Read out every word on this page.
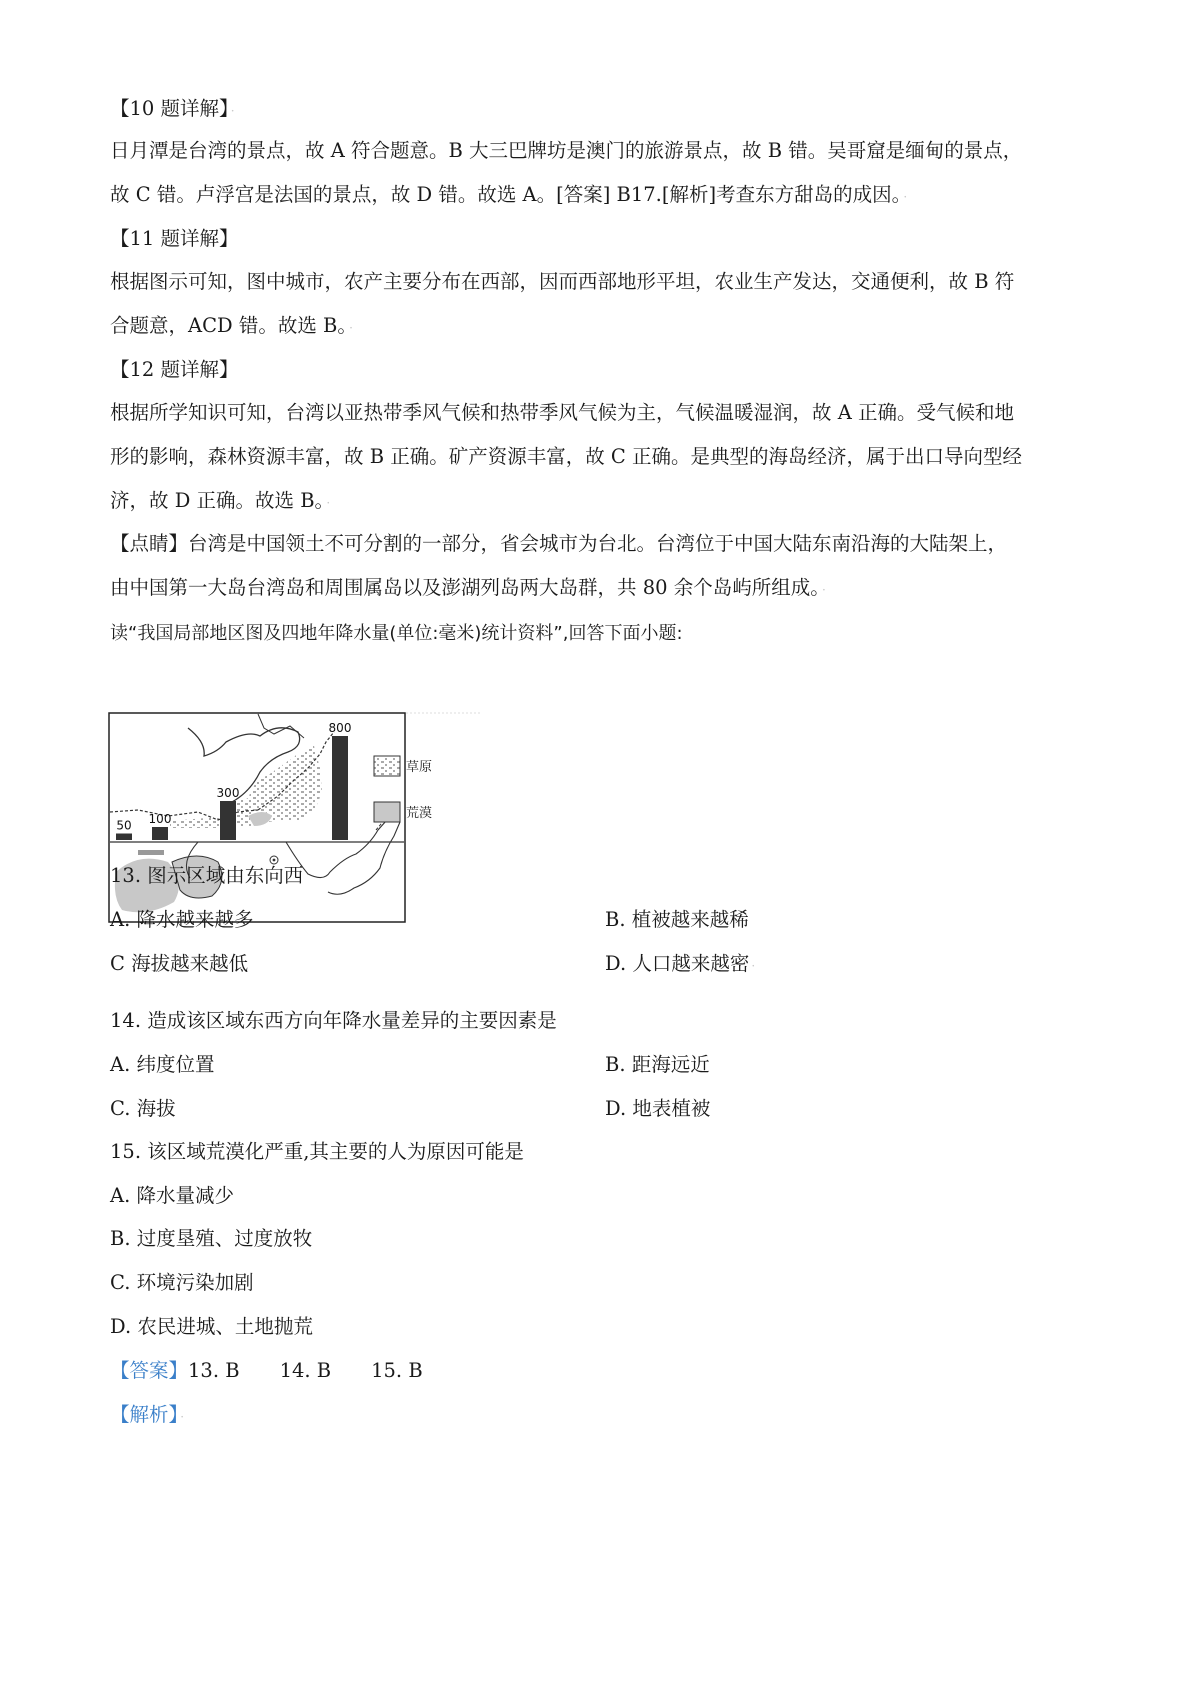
【10 题详解】 ·
日月潭是台湾的景点，故 A 符合题意。B 大三巴牌坊是澳门的旅游景点，故 B 错。吴哥窟是缅甸的景点，
故 C 错。卢浮宫是法国的景点，故 D 错。故选 A。[答案] B17.[解析]考查东方甜岛的成因。 ·
【11 题详解】
根据图示可知，图中城市，农产主要分布在西部，因而西部地形平坦，农业生产发达，交通便利，故 B 符
合题意，ACD 错。故选 B。 ·
【12 题详解】
根据所学知识可知，台湾以亚热带季风气候和热带季风气候为主，气候温暖湿润，故 A 正确。受气候和地
形的影响，森林资源丰富，故 B 正确。矿产资源丰富，故 C 正确。是典型的海岛经济，属于出口导向型经
济，故 D 正确。故选 B。 ·
【点睛】台湾是中国领土不可分割的一部分，省会城市为台北。台湾位于中国大陆东南沿海的大陆架上，
由中国第一大岛台湾岛和周围属岛以及澎湖列岛两大岛群，共 80 余个岛屿所组成。 ·
读“我国局部地区图及四地年降水量(单位:毫米)统计资料”,回答下面小题:
50 100
300
800
草原
荒漠
13. 图示区域由东向西
A. 降水越来越多	B. 植被越来越稀
C 海拔越来越低	D. 人口越来越密 ·
14. 造成该区域东西方向年降水量差异的主要因素是
A. 纬度位置	B. 距海远近
C. 海拔	D. 地表植被
15. 该区域荒漠化严重,其主要的人为原因可能是
A. 降水量减少
B. 过度垦殖、过度放牧
C. 环境污染加剧
D. 农民进城、土地抛荒
【答案】13. B 14. B 15. B
【解析】 ·
